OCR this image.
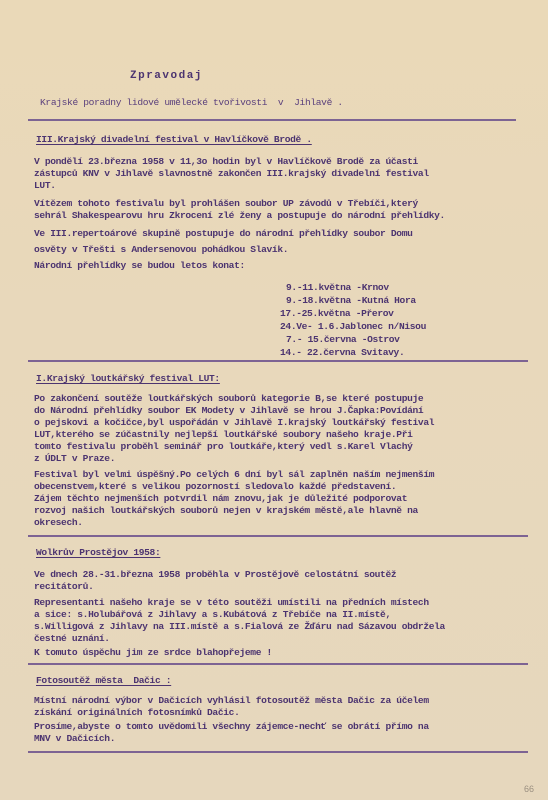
Zpravodaj
Krajské poradny lidové umělecké tvořivosti  v  Jihlavě .
III.Krajský divadelní festival v Havlíčkově Brodě .
V pondělí 23.března 1958 v 11,3o hodin byl v Havlíčkově Brodě za účasti
zástupců KNV v Jihlavě slavnostně zakončen III.krajský divadelní festival
LUT.
Vítězem tohoto festivalu byl prohlášen soubor UP závodů v Třebíči,který
sehrál Shakespearovu hru Zkrocení zlé ženy a postupuje do národní přehlídky.
Ve III.repertoárové skupině postupuje do národní přehlídky soubor Domu
osvěty v Třešti s Andersenovou pohádkou Slavík.
Národní přehlídky se budou letos konat:
9.-11.května -Krnov
9.-18.května -Kutná Hora
17.-25.května -Přerov
24.Ve- 1.6.Jablonec n/Nisou
7.- 15.června -Ostrov
14.- 22.června Svitavy.
I.Krajský loutkářský festival LUT:
Po zakončení soutěže loutkářských souborů kategorie B,se které postupuje
do Národní přehlídky soubor EK Modety v Jihlavě se hrou J.Čapka:Povídání
o pejskovi a kočičce,byl uspořádán v Jihlavě I.krajský loutkářský festival
LUT,kterého se zúčastnily nejlepší loutkářské soubory našeho kraje.Při
tomto festivalu proběhl seminář pro loutkáře,který vedl s.Karel Vlachý
z ÚDLT v Praze.
Festival byl velmi úspěšný.Po celých 6 dní byl sál zaplněn naším nejmenším
obecenstvem,které s velikou pozorností sledovalo každé představení.
Zájem těchto nejmenších potvrdil nám znovu,jak je důležité podporovat
rozvoj našich loutkářských souborů nejen v krajském městě,ale hlavně na
okresech.
Wolkrův Prostějov 1958:
Ve dnech 28.-31.března 1958 proběhla v Prostějově celostátní soutěž
recitátorů.
Representanti našeho kraje se v této soutěži umístili na předních místech
a sice: s.Holubářová z Jihlavy a s.Kubátová z Třebíče na II.místě,
s.Willigová z Jihlavy na III.místě a s.Fialová ze Žďáru nad Sázavou obdržela
čestné uznání.
K tomuto úspěchu jim ze srdce blahopřejeme !
Fotosoutěž města  Dačic :
Místní národní výbor v Dačicích vyhlásil fotosoutěž města Dačic za účelem
získání originálních fotosnímků Dačic.
Prosíme,abyste o tomto uvědomili všechny zájemce-nechť se obrátí přímo na
MNV v Dačicích.
66
